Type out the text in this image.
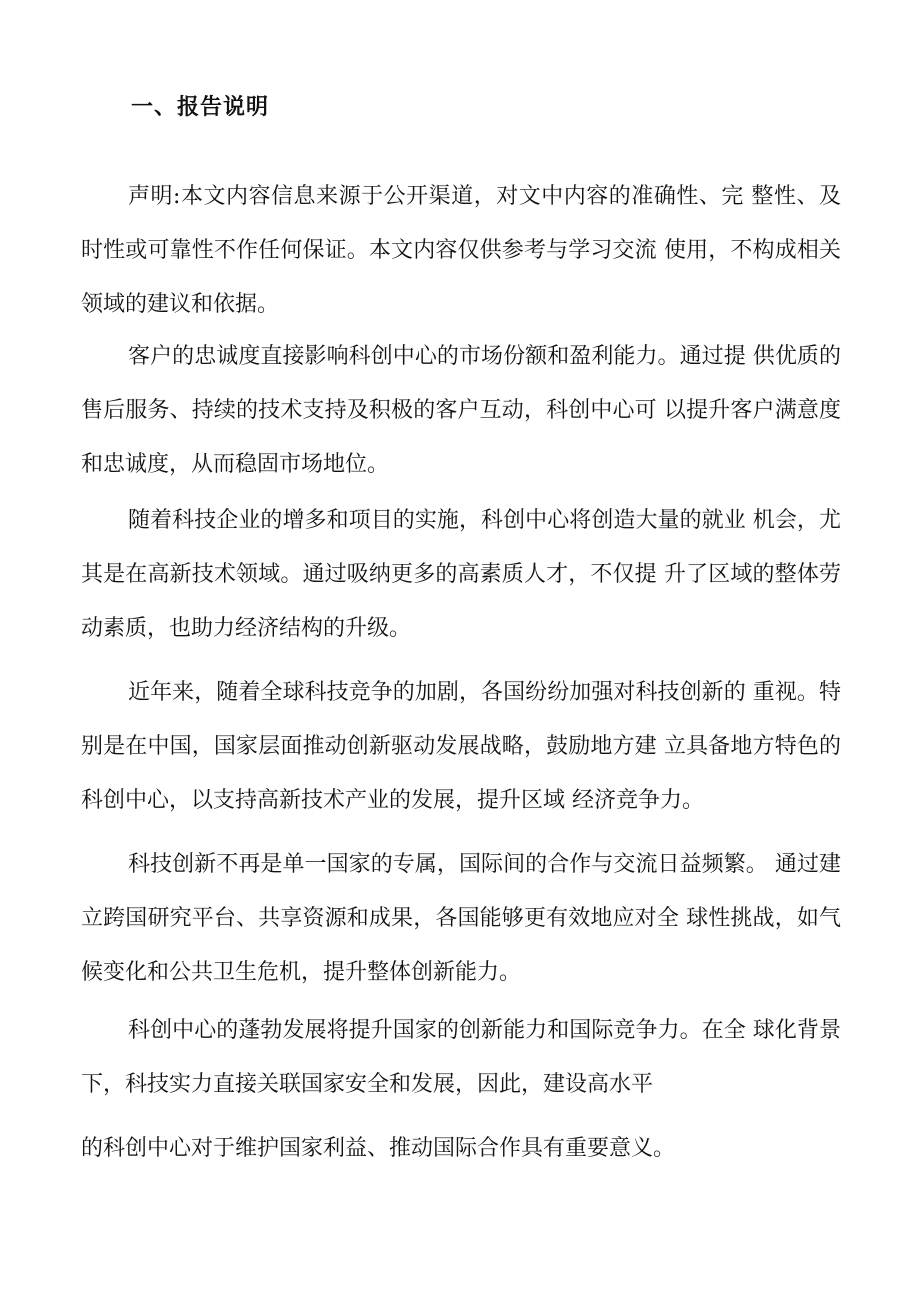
一、报告说明

声明:本文内容信息来源于公开渠道，对文中内容的准确性、完 整性、及时性或可靠性不作任何保证。本文内容仅供参考与学习交流 使用，不构成相关领域的建议和依据。

客户的忠诚度直接影响科创中心的市场份额和盈利能力。通过提 供优质的售后服务、持续的技术支持及积极的客户互动，科创中心可 以提升客户满意度和忠诚度，从而稳固市场地位。

随着科技企业的增多和项目的实施，科创中心将创造大量的就业 机会，尤其是在高新技术领域。通过吸纳更多的高素质人才，不仅提 升了区域的整体劳动素质，也助力经济结构的升级。

近年来，随着全球科技竞争的加剧，各国纷纷加强对科技创新的 重视。特别是在中国，国家层面推动创新驱动发展战略，鼓励地方建 立具备地方特色的科创中心，以支持高新技术产业的发展，提升区域 经济竞争力。

科技创新不再是单一国家的专属，国际间的合作与交流日益频繁。 通过建立跨国研究平台、共享资源和成果，各国能够更有效地应对全 球性挑战，如气候变化和公共卫生危机，提升整体创新能力。

科创中心的蓬勃发展将提升国家的创新能力和国际竞争力。在全 球化背景下，科技实力直接关联国家安全和发展，因此，建设高水平

的科创中心对于维护国家利益、推动国际合作具有重要意义。
